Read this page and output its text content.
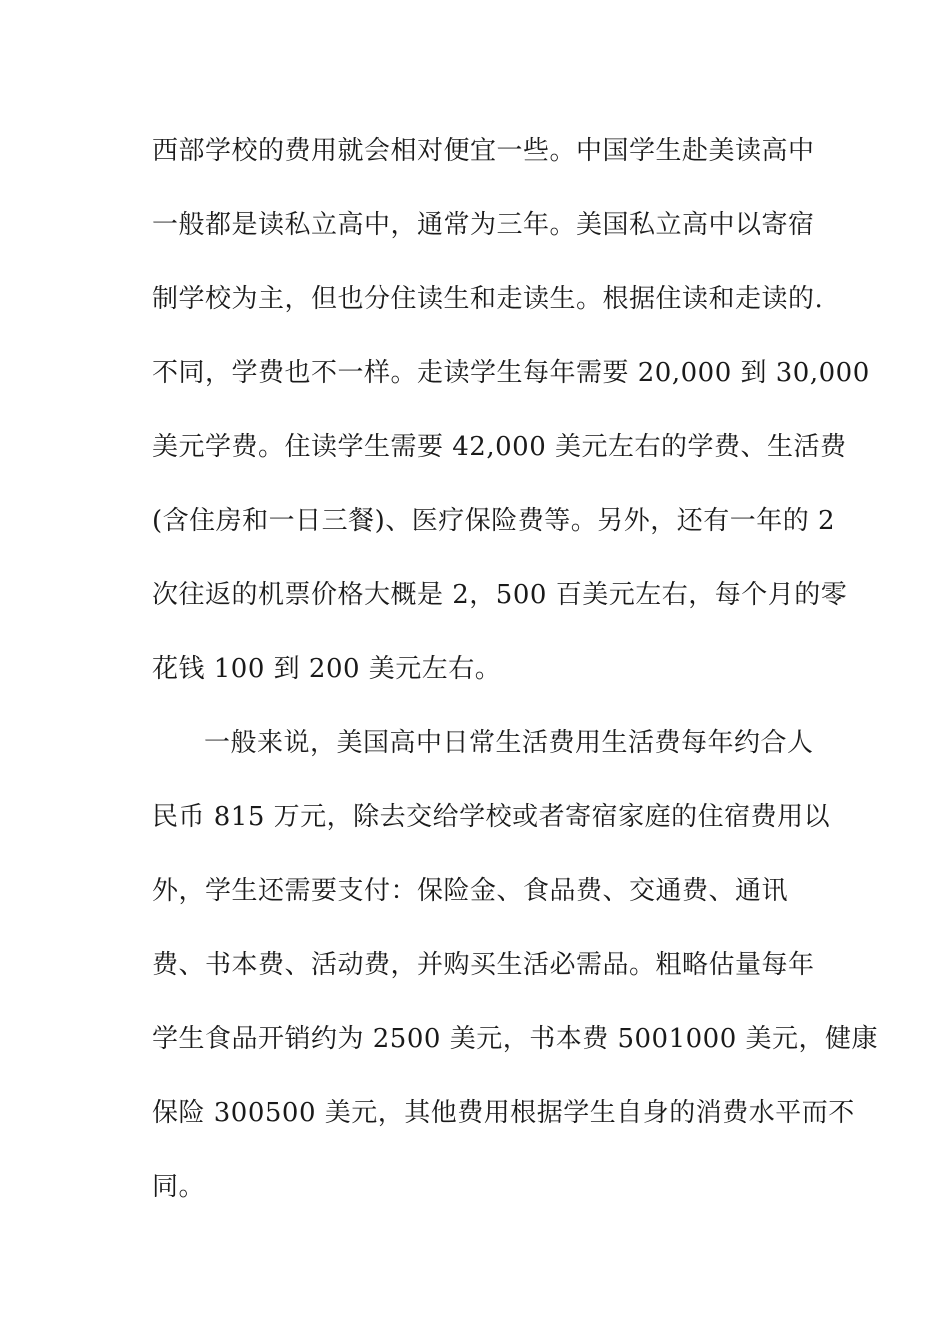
西部学校的费用就会相对便宜一些。中国学生赴美读高中
一般都是读私立高中，通常为三年。美国私立高中以寄宿
制学校为主，但也分住读生和走读生。根据住读和走读的.
不同，学费也不一样。走读学生每年需要 20,000 到 30,000
美元学费。住读学生需要 42,000 美元左右的学费、生活费
(含住房和一日三餐)、医疗保险费等。另外，还有一年的 2
次往返的机票价格大概是 2，500 百美元左右，每个月的零
花钱 100 到 200 美元左右。
一般来说，美国高中日常生活费用生活费每年约合人
民币 815 万元，除去交给学校或者寄宿家庭的住宿费用以
外，学生还需要支付：保险金、食品费、交通费、通讯
费、书本费、活动费，并购买生活必需品。粗略估量每年
学生食品开销约为 2500 美元，书本费 5001000 美元，健康
保险 300500 美元，其他费用根据学生自身的消费水平而不
同。
